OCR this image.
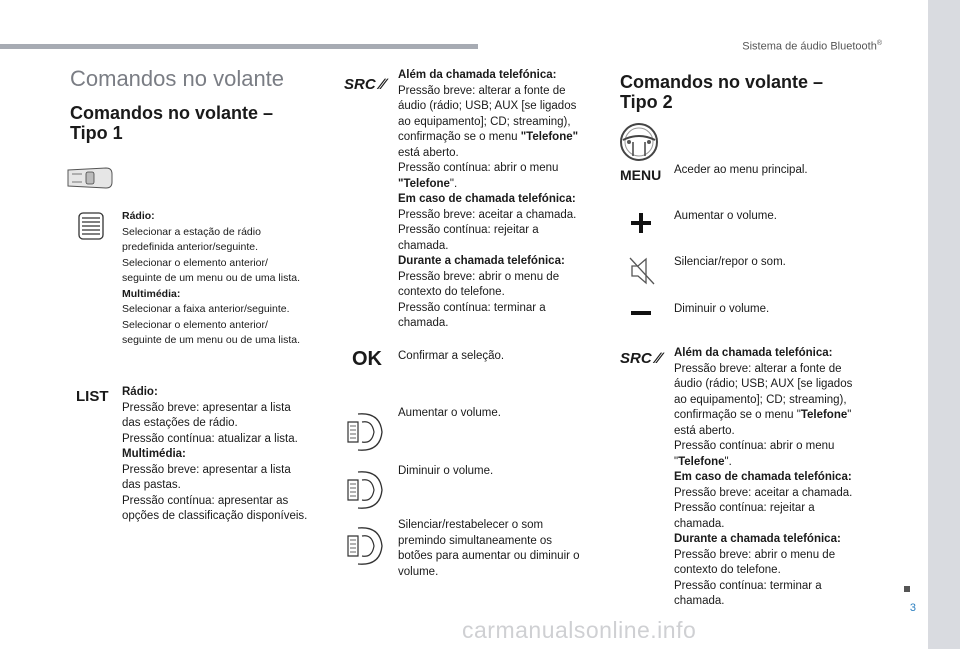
Sistema de áudio Bluetooth®
3
Comandos no volante
Comandos no volante –
Tipo 1
Rádio:
Selecionar a estação de rádio
predefinida anterior/seguinte.
Selecionar o elemento anterior/
seguinte de um menu ou de uma lista.
Multimédia:
Selecionar a faixa anterior/seguinte.
Selecionar o elemento anterior/
seguinte de um menu ou de uma lista.
LIST Rádio:
Pressão breve: apresentar a lista
das estações de rádio.
Pressão contínua: atualizar a lista.
Multimédia:
Pressão breve: apresentar a lista
das pastas.
Pressão contínua: apresentar as
opções de classificação disponíveis.
SRC ∕∕
Além da chamada telefónica:
Pressão breve: alterar a fonte de
áudio (rádio; USB; AUX [se ligados
ao equipamento]; CD; streaming),
confirmação se o menu "Telefone"
está aberto.
Pressão contínua: abrir o menu
"Telefone".
Em caso de chamada telefónica:
Pressão breve: aceitar a chamada.
Pressão contínua: rejeitar a
chamada.
Durante a chamada telefónica:
Pressão breve: abrir o menu de
contexto do telefone.
Pressão contínua: terminar a
chamada.
OK Confirmar a seleção.
Aumentar o volume.
Diminuir o volume.
Silenciar/restabelecer o som
premindo simultaneamente os
botões para aumentar ou diminuir o
volume.
Comandos no volante –
Tipo 2
MENU Aceder ao menu principal.
Aumentar o volume.
Silenciar/repor o som.
Diminuir o volume.
SRC ∕∕ Além da chamada telefónica:
Pressão breve: alterar a fonte de
áudio (rádio; USB; AUX [se ligados
ao equipamento]; CD; streaming),
confirmação se o menu "Telefone"
está aberto.
Pressão contínua: abrir o menu
"Telefone".
Em caso de chamada telefónica:
Pressão breve: aceitar a chamada.
Pressão contínua: rejeitar a
chamada.
Durante a chamada telefónica:
Pressão breve: abrir o menu de
contexto do telefone.
Pressão contínua: terminar a
chamada.
carmanualsonline.info
